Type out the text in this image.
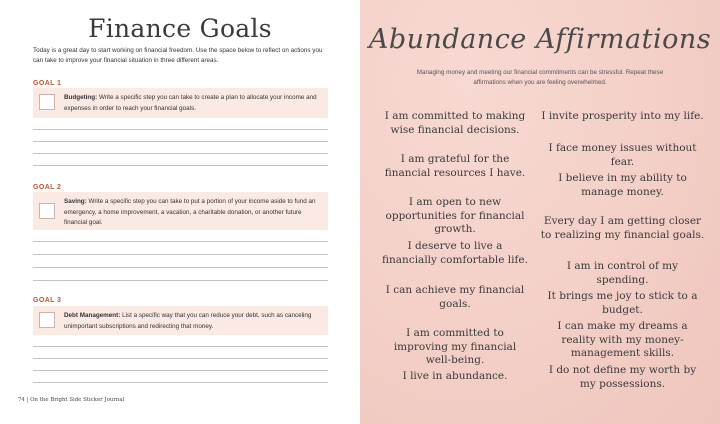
Finance Goals
Today is a great day to start working on financial freedom. Use the space below to reflect on actions you can take to improve your financial situation in three different areas.
GOAL 1
Budgeting: Write a specific step you can take to create a plan to allocate your income and expenses in order to reach your financial goals.
GOAL 2
Saving: Write a specific step you can take to put a portion of your income aside to fund an emergency, a home improvement, a vacation, a charitable donation, or another future financial goal.
GOAL 3
Debt Management: List a specific way that you can reduce your debt, such as canceling unimportant subscriptions and redirecting that money.
74 | On the Bright Side Sticker Journal
Abundance Affirmations
Managing money and meeting our financial commitments can be stressful. Repeat these affirmations when you are feeling overwhelmed.
I am committed to making wise financial decisions.
I am grateful for the financial resources I have.
I am open to new opportunities for financial growth.
I deserve to live a financially comfortable life.
I can achieve my financial goals.
I am committed to improving my financial well-being.
I live in abundance.
I invite prosperity into my life.
I face money issues without fear.
I believe in my ability to manage money.
Every day I am getting closer to realizing my financial goals.
I am in control of my spending.
It brings me joy to stick to a budget.
I can make my dreams a reality with my money-management skills.
I do not define my worth by my possessions.
